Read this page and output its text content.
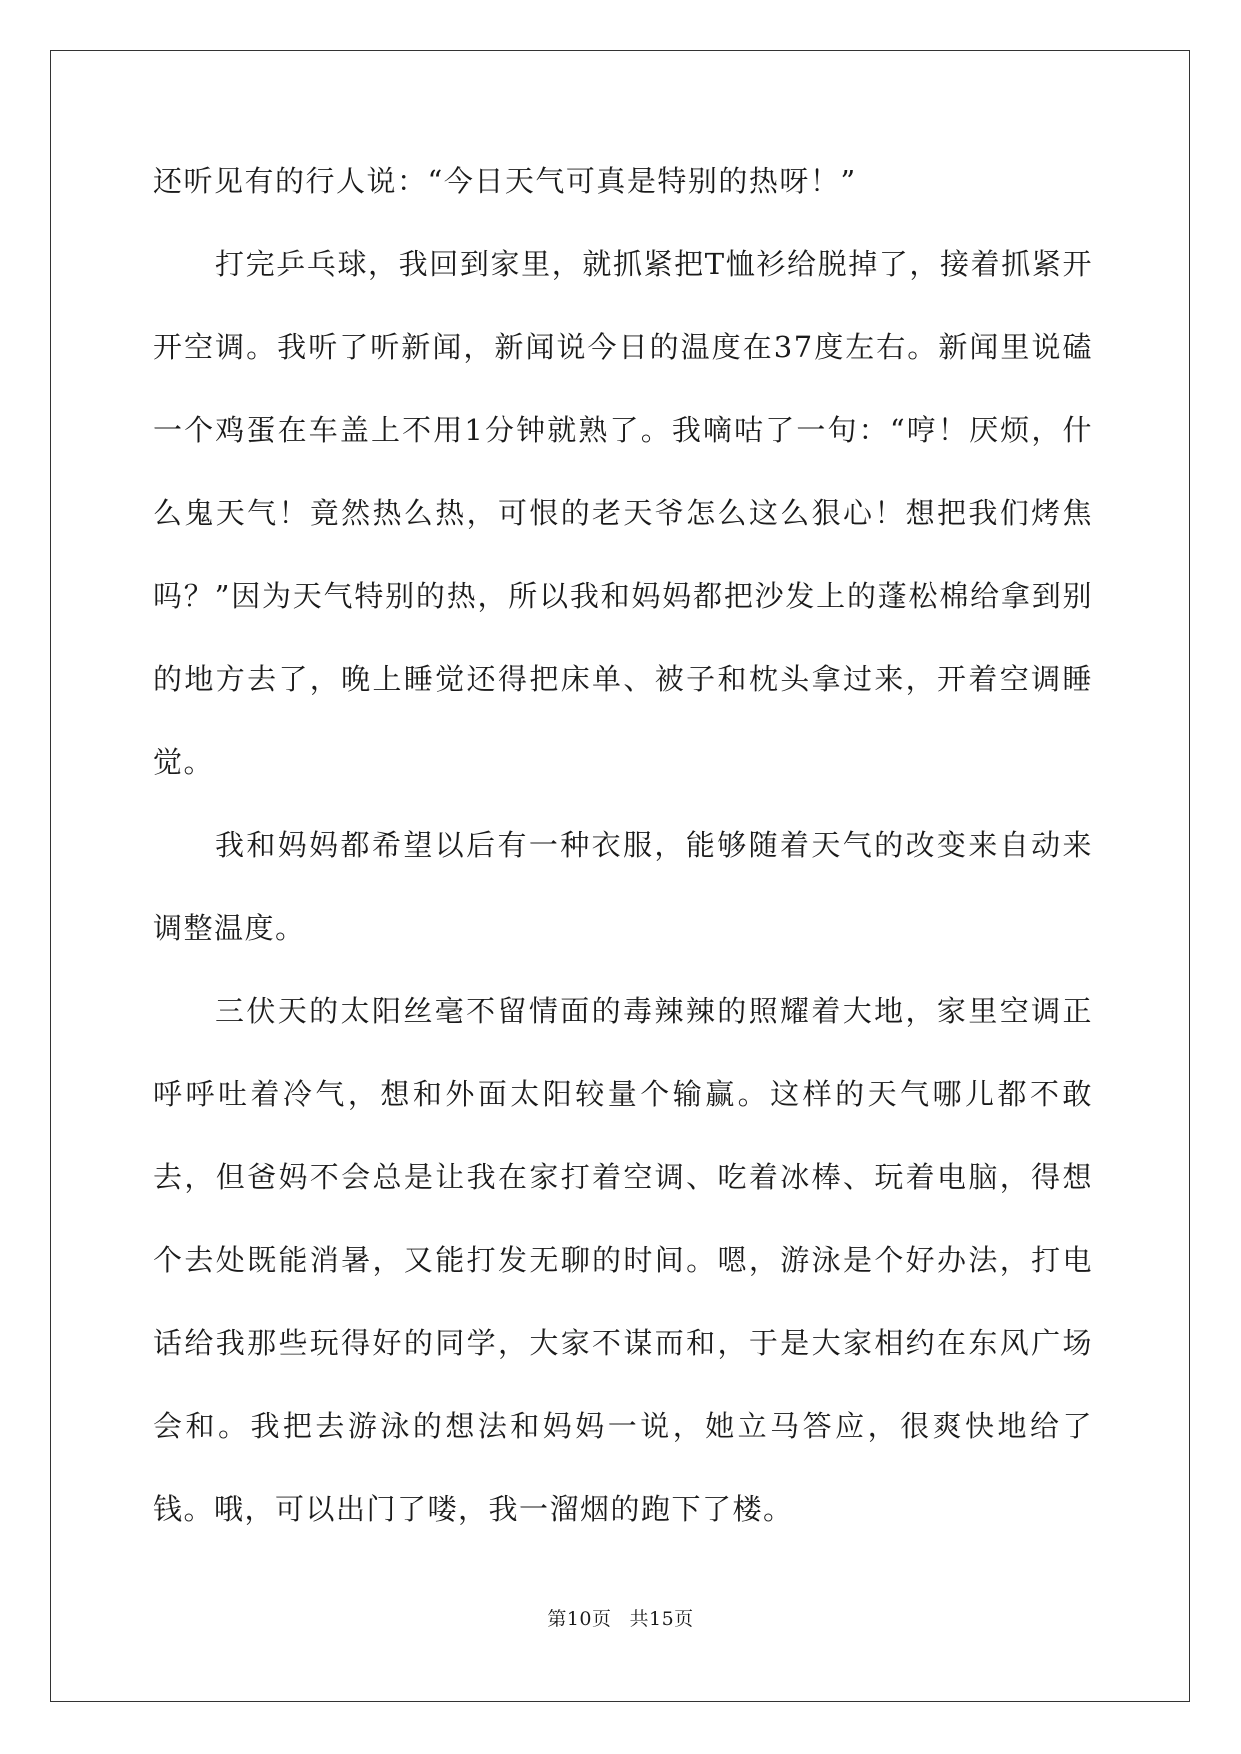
还听见有的行人说：“今日天气可真是特别的热呀！”

打完乒乓球，我回到家里，就抓紧把T恤衫给脱掉了，接着抓紧开开空调。我听了听新闻，新闻说今日的温度在37度左右。新闻里说磕一个鸡蛋在车盖上不用1分钟就熟了。我嘀咕了一句：“哼！厌烦，什么鬼天气！竟然热么热，可恨的老天爷怎么这么狠心！想把我们烤焦吗？”因为天气特别的热，所以我和妈妈都把沙发上的蓬松棉给拿到别的地方去了，晚上睡觉还得把床单、被子和枕头拿过来，开着空调睡觉。

我和妈妈都希望以后有一种衣服，能够随着天气的改变来自动来调整温度。

三伏天的太阳丝毫不留情面的毒辣辣的照耀着大地，家里空调正呼呼吐着冷气，想和外面太阳较量个输赢。这样的天气哪儿都不敢去，但爸妈不会总是让我在家打着空调、吃着冰棒、玩着电脑，得想个去处既能消暑，又能打发无聊的时间。嗯，游泳是个好办法，打电话给我那些玩得好的同学，大家不谋而和，于是大家相约在东风广场会和。我把去游泳的想法和妈妈一说，她立马答应，很爽快地给了钱。哦，可以出门了喽，我一溜烟的跑下了楼。

第10页 共15页
